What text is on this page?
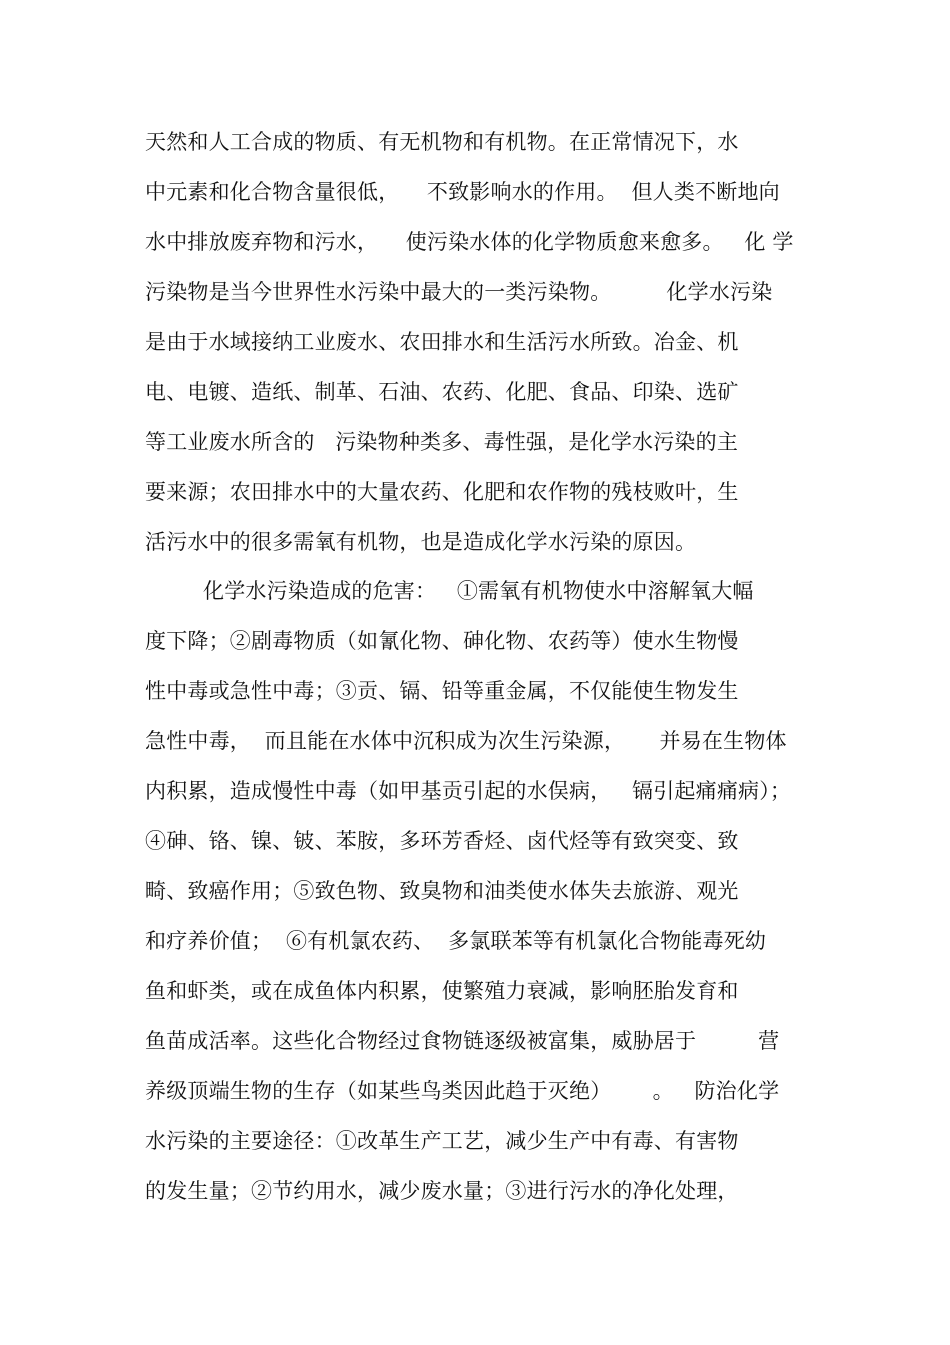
天然和人工合成的物质、有无机物和有机物。在正常情况下，水
中元素和化合物含量很低，    不致影响水的作用。  但人类不断地向
水中排放废弃物和污水，    使污染水体的化学物质愈来愈多。   化 学
污染物是当今世界性水污染中最大的一类污染物。        化学水污染
是由于水域接纳工业废水、农田排水和生活污水所致。冶金、机
电、电镀、造纸、制革、石油、农药、化肥、食品、印染、选矿
等工业废水所含的   污染物种类多、毒性强，是化学水污染的主
要来源；农田排水中的大量农药、化肥和农作物的残枝败叶，生
活污水中的很多需氧有机物，也是造成化学水污染的原因。
化学水污染造成的危害：   ①需氧有机物使水中溶解氧大幅
度下降；②剧毒物质（如氰化物、砷化物、农药等）使水生物慢
性中毒或急性中毒；③贡、镉、铅等重金属，不仅能使生物发生
急性中毒，  而且能在水体中沉积成为次生污染源，     并易在生物体
内积累，造成慢性中毒（如甲基贡引起的水俣病，   镉引起痛痛病）；
④砷、铬、镍、铍、苯胺，多环芳香烃、卤代烃等有致突变、致
畸、致癌作用；⑤致色物、致臭物和油类使水体失去旅游、观光
和疗养价值；  ⑥有机氯农药、  多氯联苯等有机氯化合物能毒死幼
鱼和虾类，或在成鱼体内积累，使繁殖力衰减，影响胚胎发育和
鱼苗成活率。这些化合物经过食物链逐级被富集，威胁居于         营
养级顶端生物的生存（如某些鸟类因此趋于灭绝）      。   防治化学
水污染的主要途径：①改革生产工艺，减少生产中有毒、有害物
的发生量；②节约用水，减少废水量；③进行污水的净化处理，
